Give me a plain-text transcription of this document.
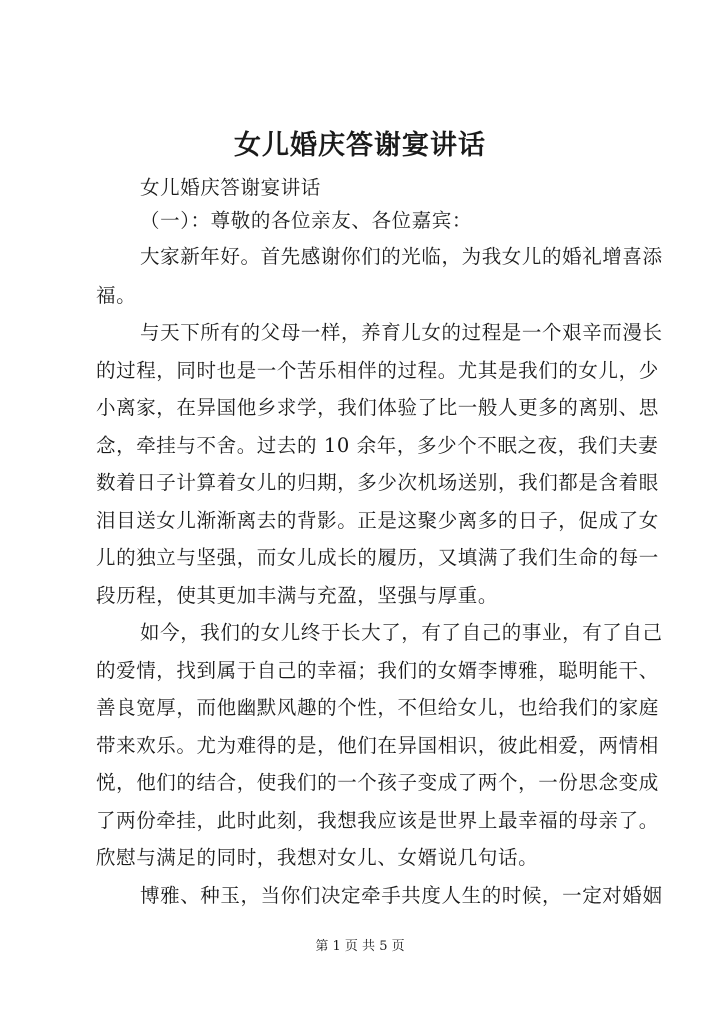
女儿婚庆答谢宴讲话
女儿婚庆答谢宴讲话
（一）：尊敬的各位亲友、各位嘉宾：
大家新年好。首先感谢你们的光临，为我女儿的婚礼增喜添
福。
与天下所有的父母一样，养育儿女的过程是一个艰辛而漫长
的过程，同时也是一个苦乐相伴的过程。尤其是我们的女儿，少
小离家，在异国他乡求学，我们体验了比一般人更多的离别、思
念，牵挂与不舍。过去的 10 余年，多少个不眠之夜，我们夫妻
数着日子计算着女儿的归期，多少次机场送别，我们都是含着眼
泪目送女儿渐渐离去的背影。正是这聚少离多的日子，促成了女
儿的独立与坚强，而女儿成长的履历，又填满了我们生命的每一
段历程，使其更加丰满与充盈，坚强与厚重。
如今，我们的女儿终于长大了，有了自己的事业，有了自己
的爱情，找到属于自己的幸福；我们的女婿李博雅，聪明能干、
善良宽厚，而他幽默风趣的个性，不但给女儿，也给我们的家庭
带来欢乐。尤为难得的是，他们在异国相识，彼此相爱，两情相
悦，他们的结合，使我们的一个孩子变成了两个，一份思念变成
了两份牵挂，此时此刻，我想我应该是世界上最幸福的母亲了。
欣慰与满足的同时，我想对女儿、女婿说几句话。
博雅、种玉，当你们决定牵手共度人生的时候，一定对婚姻
第 1 页 共 5 页
